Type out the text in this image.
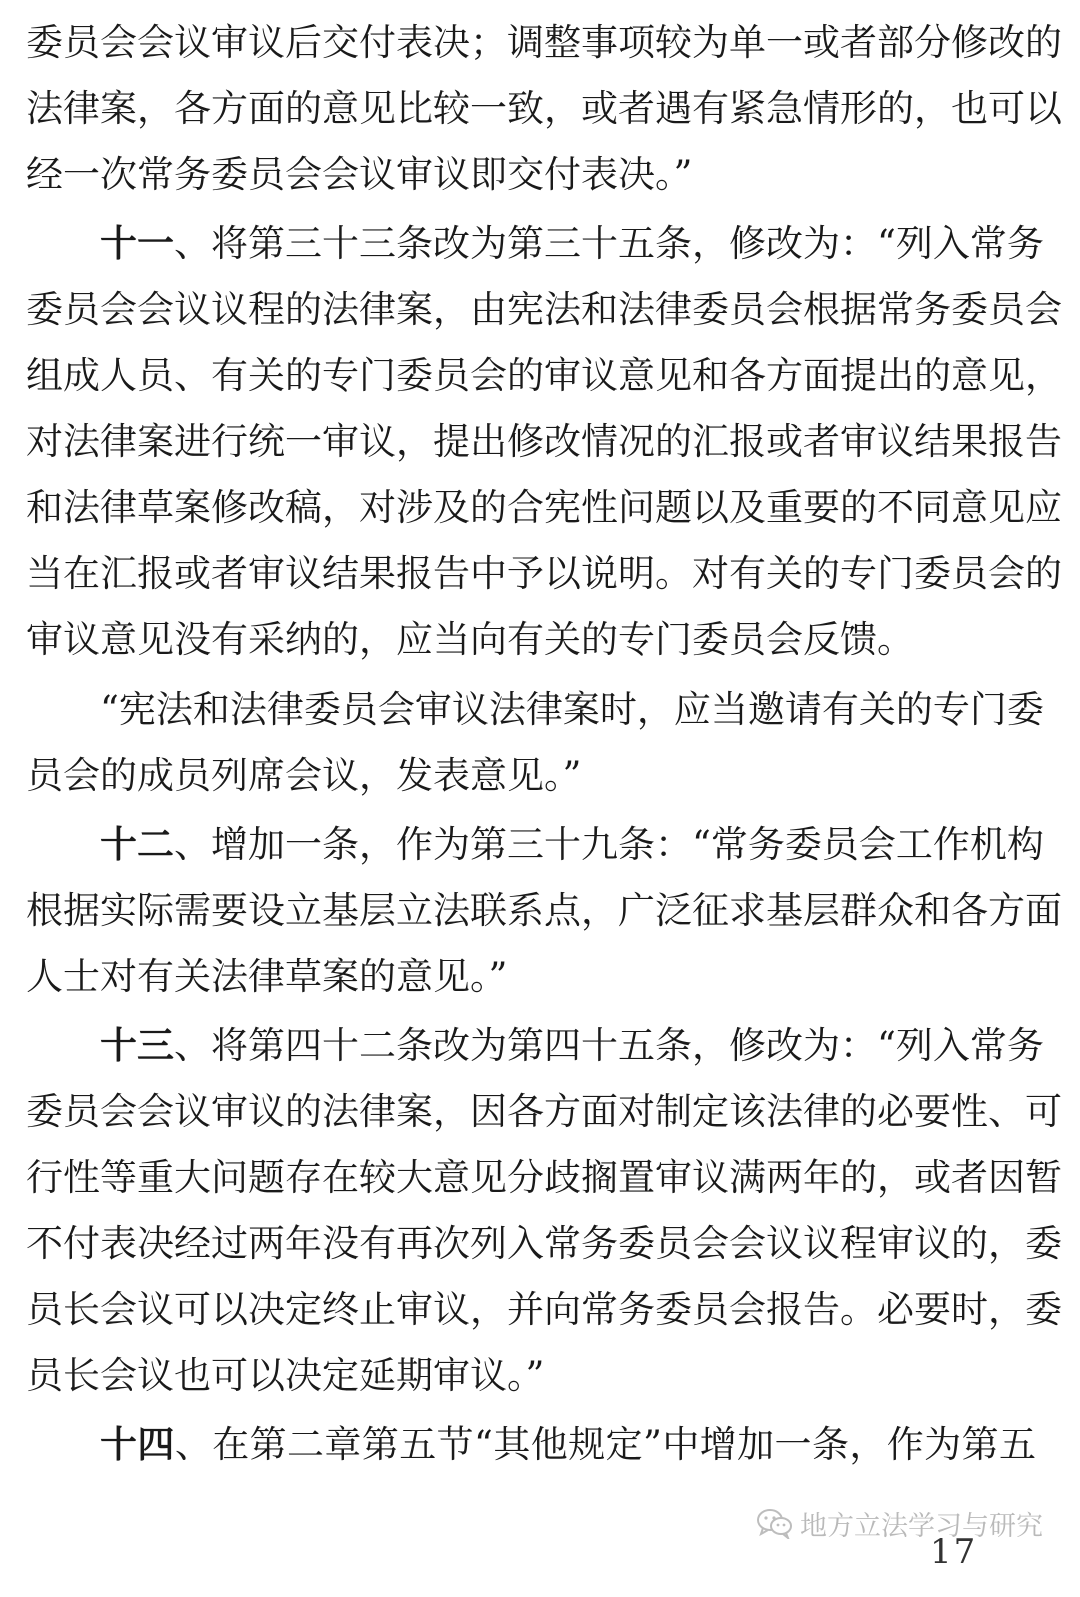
委员会会议审议后交付表决；调整事项较为单一或者部分修改的
法律案，各方面的意见比较一致，或者遇有紧急情形的，也可以
经一次常务委员会会议审议即交付表决。”
十一、将第三十三条改为第三十五条，修改为：“列入常务
委员会会议议程的法律案，由宪法和法律委员会根据常务委员会
组成人员、有关的专门委员会的审议意见和各方面提出的意见，
对法律案进行统一审议，提出修改情况的汇报或者审议结果报告
和法律草案修改稿，对涉及的合宪性问题以及重要的不同意见应
当在汇报或者审议结果报告中予以说明。对有关的专门委员会的
审议意见没有采纳的，应当向有关的专门委员会反馈。
“宪法和法律委员会审议法律案时，应当邀请有关的专门委
员会的成员列席会议，发表意见。”
十二、增加一条，作为第三十九条：“常务委员会工作机构
根据实际需要设立基层立法联系点，广泛征求基层群众和各方面
人士对有关法律草案的意见。”
十三、将第四十二条改为第四十五条，修改为：“列入常务
委员会会议审议的法律案，因各方面对制定该法律的必要性、可
行性等重大问题存在较大意见分歧搁置审议满两年的，或者因暂
不付表决经过两年没有再次列入常务委员会会议议程审议的，委
员长会议可以决定终止审议，并向常务委员会报告。必要时，委
员长会议也可以决定延期审议。”
十四、在第二章第五节“其他规定”中增加一条，作为第五
地方立法学习与研究
17
